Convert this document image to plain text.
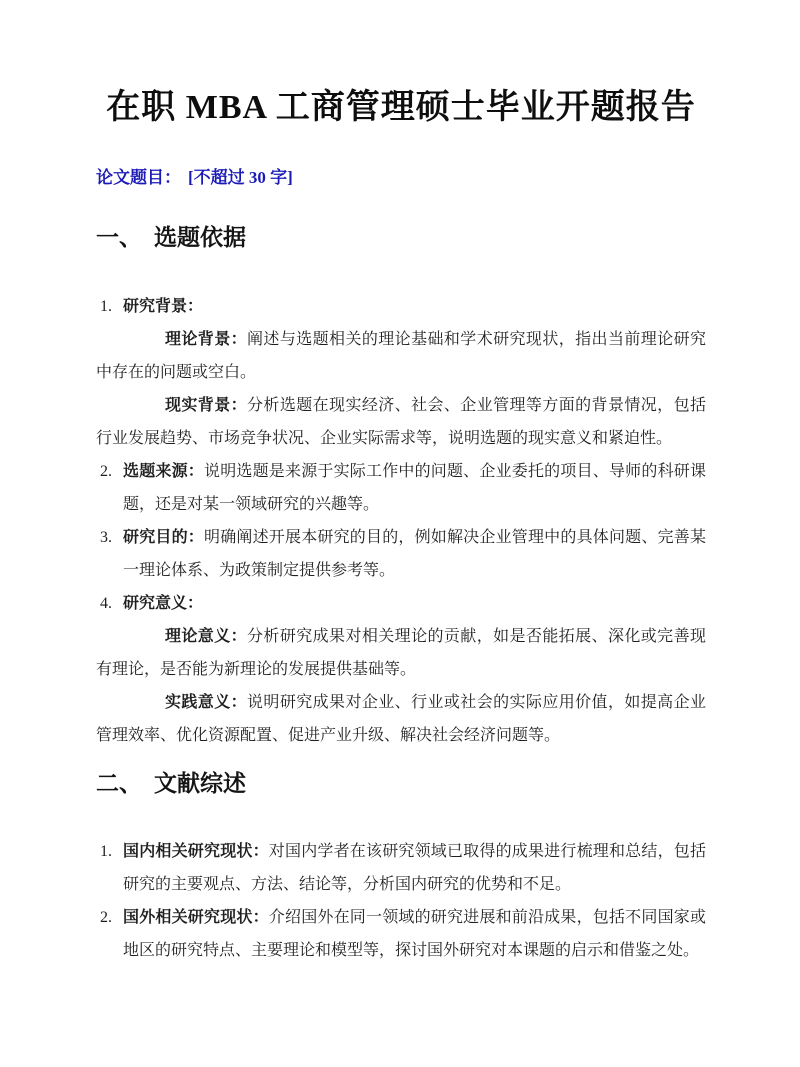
在职 MBA 工商管理硕士毕业开题报告

论文题目： [不超过 30 字]

一、 选题依据
1. 研究背景：

理论背景：阐述与选题相关的理论基础和学术研究现状，指出当前理论研究中存在的问题或空白。

现实背景：分析选题在现实经济、社会、企业管理等方面的背景情况，包括行业发展趋势、市场竞争状况、企业实际需求等，说明选题的现实意义和紧迫性。

2. 选题来源：说明选题是来源于实际工作中的问题、企业委托的项目、导师的科研课题，还是对某一领域研究的兴趣等。
3. 研究目的：明确阐述开展本研究的目的，例如解决企业管理中的具体问题、完善某一理论体系、为政策制定提供参考等。
4. 研究意义：

理论意义：分析研究成果对相关理论的贡献，如是否能拓展、深化或完善现有理论，是否能为新理论的发展提供基础等。

实践意义：说明研究成果对企业、行业或社会的实际应用价值，如提高企业管理效率、优化资源配置、促进产业升级、解决社会经济问题等。

二、 文献综述
1. 国内相关研究现状：对国内学者在该研究领域已取得的成果进行梳理和总结，包括研究的主要观点、方法、结论等，分析国内研究的优势和不足。
2. 国外相关研究现状：介绍国外在同一领域的研究进展和前沿成果，包括不同国家或地区的研究特点、主要理论和模型等，探讨国外研究对本课题的启示和借鉴之处。
